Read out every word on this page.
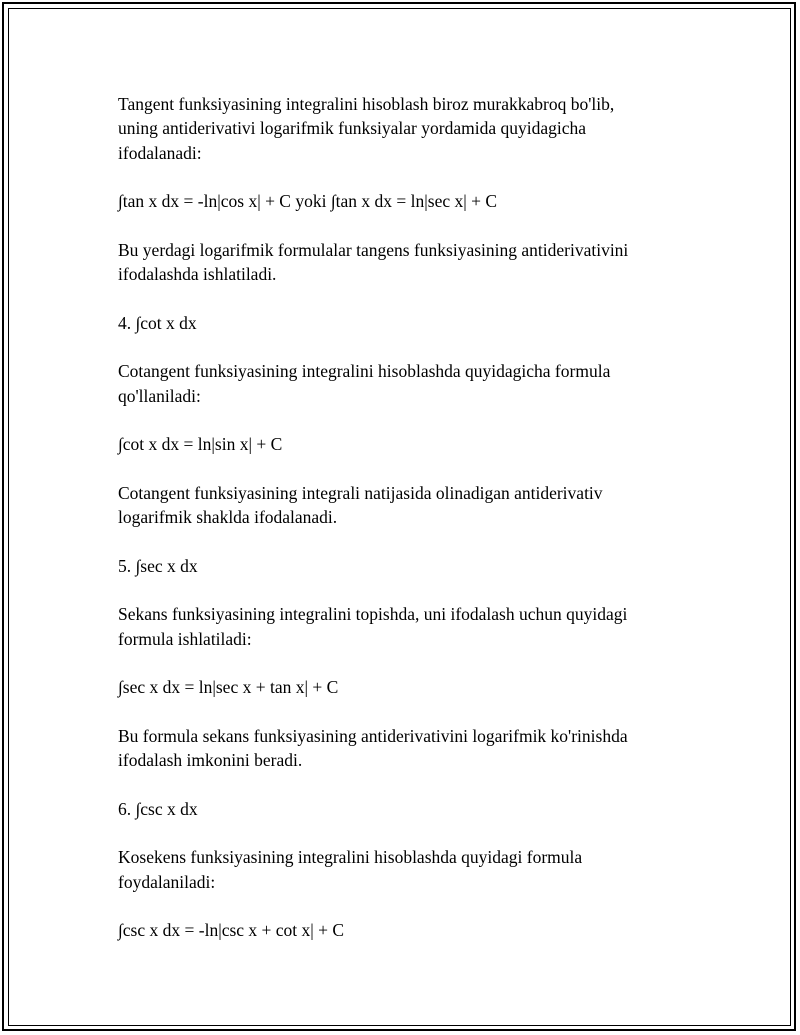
Tangent funksiyasining integralini hisoblash biroz murakkabroq bo'lib,
uning antiderivativi logarifmik funksiyalar yordamida quyidagicha
ifodalanadi:

∫tan x dx = -ln|cos x| + C yoki ∫tan x dx = ln|sec x| + C

Bu yerdagi logarifmik formulalar tangens funksiyasining antiderivativini
ifodalashda ishlatiladi.

4. ∫cot x dx

Cotangent funksiyasining integralini hisoblashda quyidagicha formula
qo'llaniladi:

∫cot x dx = ln|sin x| + C

Cotangent funksiyasining integrali natijasida olinadigan antiderivativ
logarifmik shaklda ifodalanadi.

5. ∫sec x dx

Sekans funksiyasining integralini topishda, uni ifodalash uchun quyidagi
formula ishlatiladi:

∫sec x dx = ln|sec x + tan x| + C

Bu formula sekans funksiyasining antiderivativini logarifmik ko'rinishda
ifodalash imkonini beradi.

6. ∫csc x dx

Kosekens funksiyasining integralini hisoblashda quyidagi formula
foydalaniladi:

∫csc x dx = -ln|csc x + cot x| + C
